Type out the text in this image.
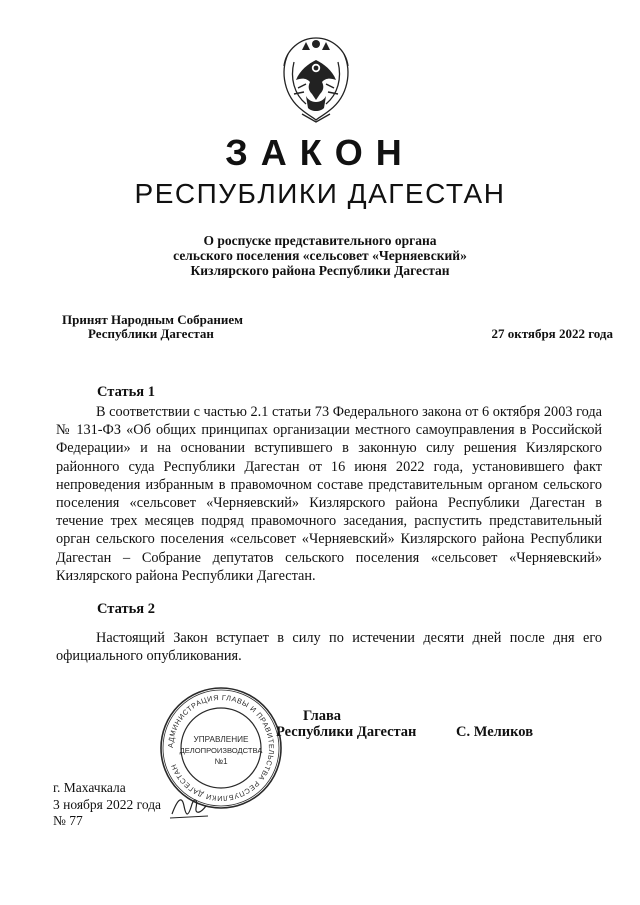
ЗАКОН
РЕСПУБЛИКИ ДАГЕСТАН
О роспуске представительного органа
сельского поселения «сельсовет «Черняевский»
Кизлярского района Республики Дагестан
Принят Народным Собранием
Республики Дагестан	27 октября 2022 года
Статья 1
В соответствии с частью 2.1 статьи 73 Федерального закона от 6 октября 2003 года № 131-ФЗ «Об общих принципах организации местного самоуправления в Российской Федерации» и на основании вступившего в законную силу решения Кизлярского районного суда Республики Дагестан от 16 июня 2022 года, установившего факт непроведения избранным в правомочном составе представительным органом сельского поселения «сельсовет «Черняевский» Кизлярского района Республики Дагестан в течение трех месяцев подряд правомочного заседания, распустить представительный орган сельского поселения «сельсовет «Черняевский» Кизлярского района Республики Дагестан – Собрание депутатов сельского поселения «сельсовет «Черняевский» Кизлярского района Республики Дагестан.
Статья 2
Настоящий Закон вступает в силу по истечении десяти дней после дня его официального опубликования.
АДМИНИСТРАЦИЯ ГЛАВЫ И ПРАВИТЕЛЬСТВА РЕСПУБЛИКИ ДАГЕСТАН
УПРАВЛЕНИЕ
ДЕЛОПРОИЗВОДСТВА
№1
Глава
Республики Дагестан	С. Меликов
г. Махачкала
3 ноября 2022 года
№ 77
